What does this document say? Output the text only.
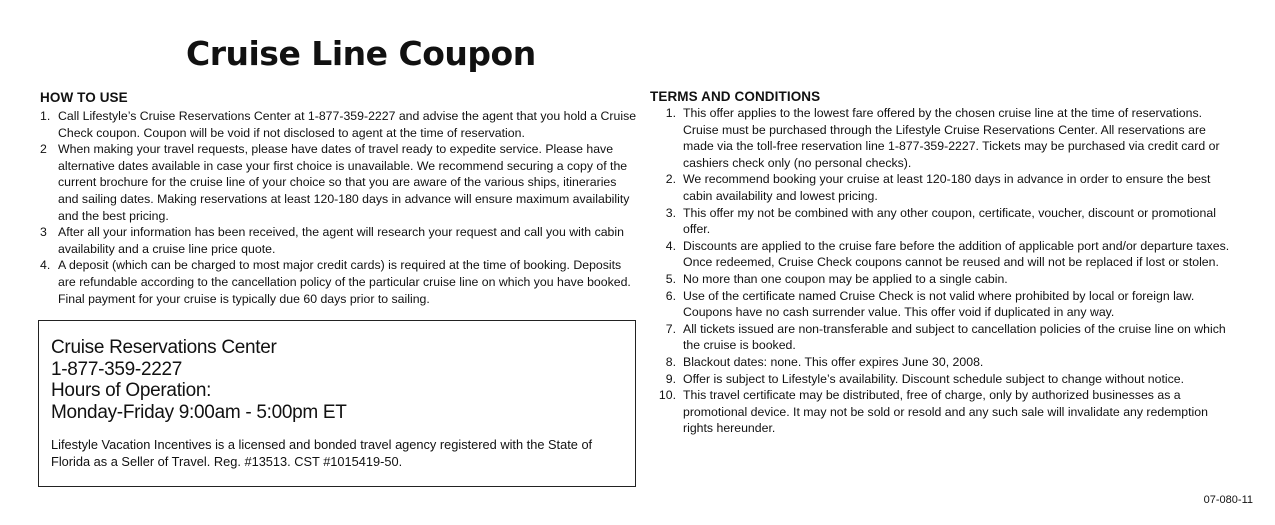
Cruise Line Coupon
HOW TO USE
1. Call Lifestyle’s Cruise Reservations Center at 1-877-359-2227 and advise the agent that you hold a Cruise Check coupon. Coupon will be void if not disclosed to agent at the time of reservation.
2 When making your travel requests, please have dates of travel ready to expedite service. Please have alternative dates available in case your first choice is unavailable. We recommend securing a copy of the current brochure for the cruise line of your choice so that you are aware of the various ships, itineraries and sailing dates. Making reservations at least 120-180 days in advance will ensure maximum availability and the best pricing.
3 After all your information has been received, the agent will research your request and call you with cabin availability and a cruise line price quote.
4. A deposit (which can be charged to most major credit cards) is required at the time of booking. Deposits are refundable according to the cancellation policy of the particular cruise line on which you have booked. Final payment for your cruise is typically due 60 days prior to sailing.
Cruise Reservations Center
1-877-359-2227
Hours of Operation:
Monday-Friday 9:00am - 5:00pm ET
Lifestyle Vacation Incentives is a licensed and bonded travel agency registered with the State of Florida as a Seller of Travel. Reg. #13513. CST #1015419-50.
TERMS AND CONDITIONS
1. This offer applies to the lowest fare offered by the chosen cruise line at the time of reservations. Cruise must be purchased through the Lifestyle Cruise Reservations Center. All reservations are made via the toll-free reservation line 1-877-359-2227. Tickets may be purchased via credit card or cashiers check only (no personal checks).
2. We recommend booking your cruise at least 120-180 days in advance in order to ensure the best cabin availability and lowest pricing.
3. This offer my not be combined with any other coupon, certificate, voucher, discount or promotional offer.
4. Discounts are applied to the cruise fare before the addition of applicable port and/or departure taxes. Once redeemed, Cruise Check coupons cannot be reused and will not be replaced if lost or stolen.
5. No more than one coupon may be applied to a single cabin.
6. Use of the certificate named Cruise Check is not valid where prohibited by local or foreign law. Coupons have no cash surrender value. This offer void if duplicated in any way.
7. All tickets issued are non-transferable and subject to cancellation policies of the cruise line on which the cruise is booked.
8. Blackout dates: none. This offer expires June 30, 2008.
9. Offer is subject to Lifestyle’s availability. Discount schedule subject to change without notice.
10. This travel certificate may be distributed, free of charge, only by authorized businesses as a promotional device. It may not be sold or resold and any such sale will invalidate any redemption rights hereunder.
07-080-11
